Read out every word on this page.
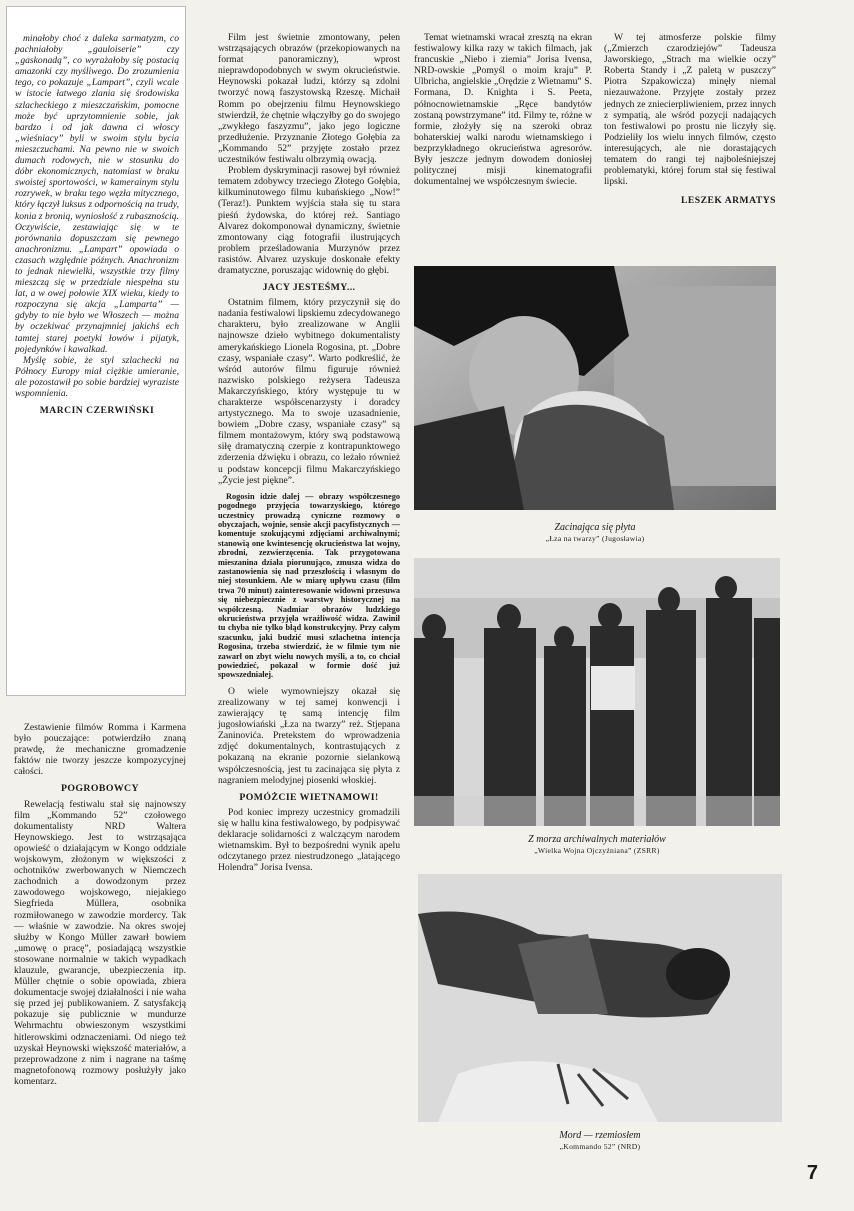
minałoby choć z daleka sarmatyzm, co pachniałoby „gauloiserie” czy „gaskonadą”, co wyrażałoby się postacią amazonki czy myśliwego. Do zrozumienia tego, co pokazuje „Lampart”, czyli wcale w istocie łatwego zlania się środowiska szlacheckiego z mieszczańskim, pomocne może być uprzytomnienie sobie, jak bardzo i od jak dawna ci włoscy „wieśniacy” byli w swoim stylu bycia mieszczuchami. Na pewno nie w swoich dumach rodowych, nie w stosunku do dóbr ekonomicznych, natomiast w braku swoistej sportowości, w kamerainym stylu rozrywek, w braku tego węzła mitycznego, który łączył luksus z odpornością na trudy, konia z bronią, wyniosłość z rubasznością. Oczywiście, zestawiając się w te porównania dopuszczam się pewnego anachronizmu. „Lampart” opowiada o czasach względnie późnych. Anachronizm to jednak niewielki, wszystkie trzy filmy mieszczą się w przedziale niespełna stu lat, a w owej połowie XIX wieku, kiedy to rozpoczyna się akcja „Lamparta” — gdyby to nie było we Włoszech — można by oczekiwać przynajmniej jakichś ech tamtej starej poetyki łowów i pijatyk, pojedynków i kawalkad.

Myślę sobie, że styl szlachecki na Północy Europy miał ciężkie umieranie, ale pozostawił po sobie bardziej wyraziste wspomnienia.

MARCIN CZERWIŃSKI

Zestawienie filmów Romma i Karmena było pouczające: potwierdziło znaną prawdę, że mechaniczne gromadzenie faktów nie tworzy jeszcze kompozycyjnej całości.

POGROBOWCY

Rewelacją festiwalu stał się najnowszy film „Kommando 52” czołowego dokumentalisty NRD Waltera Heynowskiego. Jest to wstrząsająca opowieść o działającym w Kongo oddziale wojskowym, złożonym w większości z ochotników zwerbowanych w Niemczech zachodnich a dowodzonym przez zawodowego wojskowego, niejakiego Siegfrieda Müllera, osobnika rozmiłowanego w zawodzie mordercy. Tak — właśnie w zawodzie. Na okres swojej służby w Kongo Müller zawarł bowiem „umowę o pracę”, posiadającą wszystkie stosowane normalnie w takich wypadkach klauzule, gwarancje, ubezpieczenia itp. Müller chętnie o sobie opowiada, zbiera dokumentacje swojej działalności i nie waha się przed jej publikowaniem. Z satysfakcją pokazuje się publicznie w mundurze Wehrmachtu obwieszonym wszystkimi hitlerowskimi odznaczeniami. Od niego też uzyskał Heynowski większość materiałów, a przeprowadzone z nim i nagrane na taśmę magnetofonową rozmowy posłużyły jako komentarz.

Film jest świetnie zmontowany, pełen wstrząsających obrazów (przekopiowanych na format panoramiczny), wprost nieprawdopodobnych w swym okrucieństwie. Heynowski pokazał ludzi, którzy są zdolni tworzyć nową faszystowską Rzeszę. Michaił Romm po obejrzeniu filmu Heynowskiego stwierdził, że chętnie włączyłby go do swojego „zwykłego faszyzmu”, jako jego logiczne przedłużenie. Przyznanie Złotego Gołębia za „Kommando 52” przyjęte zostało przez uczestników festiwalu olbrzymią owacją.

Problem dyskryminacji rasowej był również tematem zdobywcy trzeciego Złotego Gołębia, kilkuminutowego filmu kubańskiego „Now!” (Teraz!). Punktem wyjścia stała się tu stara pieśń żydowska, do której reż. Santiago Alvarez dokomponował dynamiczny, świetnie zmontowany ciąg fotografii ilustrujących problem prześladowania Murzynów przez rasistów. Alvarez uzyskuje doskonałe efekty dramatyczne, poruszając widownię do głębi.

JACY JESTEŚMY...

Ostatnim filmem, który przyczynił się do nadania festiwalowi lipskiemu zdecydowanego charakteru, było zrealizowane w Anglii najnowsze dzieło wybitnego dokumentalisty amerykańskiego Lionela Rogosina, pt. „Dobre czasy, wspaniałe czasy”. Warto podkreślić, że wśród autorów filmu figuruje również nazwisko polskiego reżysera Tadeusza Makarczyńskiego, który występuje tu w charakterze współscenarzysty i doradcy artystycznego. Ma to swoje uzasadnienie, bowiem „Dobre czasy, wspaniałe czasy” są filmem montażowym, który swą podstawową siłę dramatyczną czerpie z kontrapunktowego zderzenia dźwięku i obrazu, co leżało również u podstaw koncepcji filmu Makarczyńskiego „Życie jest piękne”.

Rogosin idzie dalej — obrazy współczesnego pogodnego przyjęcia towarzyskiego, którego uczestnicy prowadzą cyniczne rozmowy o obyczajach, wojnie, sensie akcji pacyfistycznych — komentuje szokującymi zdjęciami archiwalnymi; stanowią one kwintesencję okrucieństwa lat wojny, zbrodni, zezwierzęcenia. Tak przygotowana mieszanina działa piorunująco, zmusza widza do zastanowienia się nad przeszłością i własnym do niej stosunkiem. Ale w miarę upływu czasu (film trwa 70 minut) zainteresowanie widowni przesuwa się niebezpiecznie z warstwy historycznej na współczesną. Nadmiar obrazów ludzkiego okrucieństwa przyjęła wrażliwość widza. Zawinił tu chyba nie tylko błąd konstrukcyjny. Przy całym szacunku, jaki budzić musi szlachetna intencja Rogosina, trzeba stwierdzić, że w filmie tym nie zawarł on zbyt wielu nowych myśli, a to, co chciał powiedzieć, pokazał w formie dość już spowszedniałej.

O wiele wymowniejszy okazał się zrealizowany w tej samej konwencji i zawierający tę samą intencję film jugosłowiański „Łza na twarzy” reż. Stjepana Zaninovića. Pretekstem do wprowadzenia zdjęć dokumentalnych, kontrastujących z pokazaną na ekranie pozornie sielankową współczesnością, jest tu zacinająca się płyta z nagraniem melodyjnej piosenki włoskiej.

POMÓŻCIE WIETNAMOWI!

Pod koniec imprezy uczestnicy gromadzili się w hallu kina festiwalowego, by podpisywać deklaracje solidarności z walczącym narodem wietnamskim. Był to bezpośredni wynik apelu odczytanego przez niestrudzonego „latającego Holendra” Jorisa Ivensa.

Temat wietnamski wracał zresztą na ekran festiwalowy kilka razy w takich filmach, jak francuskie „Niebo i ziemia” Jorisa Ivensa, NRD-owskie „Pomyśl o moim kraju” P. Ulbricha, angielskie „Orędzie z Wietnamu” S. Formana, D. Knighta i S. Peeta, północnowietnamskie „Ręce bandytów zostaną powstrzymane” itd. Filmy te, różne w formie, złożyły się na szeroki obraz bohaterskiej walki narodu wietnamskiego i bezprzykładnego okrucieństwa agresorów. Były jeszcze jednym dowodem doniosłej politycznej misji kinematografii dokumentalnej we współczesnym świecie.

W tej atmosferze polskie filmy („Zmierzch czarodziejów” Tadeusza Jaworskiego, „Strach ma wielkie oczy” Roberta Standy i „Z paletą w puszczy” Piotra Szpakowicza) minęły niemal niezauważone. Przyjęte zostały przez jednych ze zniecierpliwieniem, przez innych z sympatią, ale wśród pozycji nadających ton festiwalowi po prostu nie liczyły się. Podzieliły los wielu innych filmów, często interesujących, ale nie dorastających tematem do rangi tej najboleśniejszej problematyki, której forum stał się festiwal lipski.

LESZEK ARMATYS
Zacinająca się płyta
„Łza na twarzy” (Jugosławia)
Z morza archiwalnych materiałów
„Wielka Wojna Ojczyźniana” (ZSRR)
Mord — rzemiosłem
„Kommando 52” (NRD)
7
